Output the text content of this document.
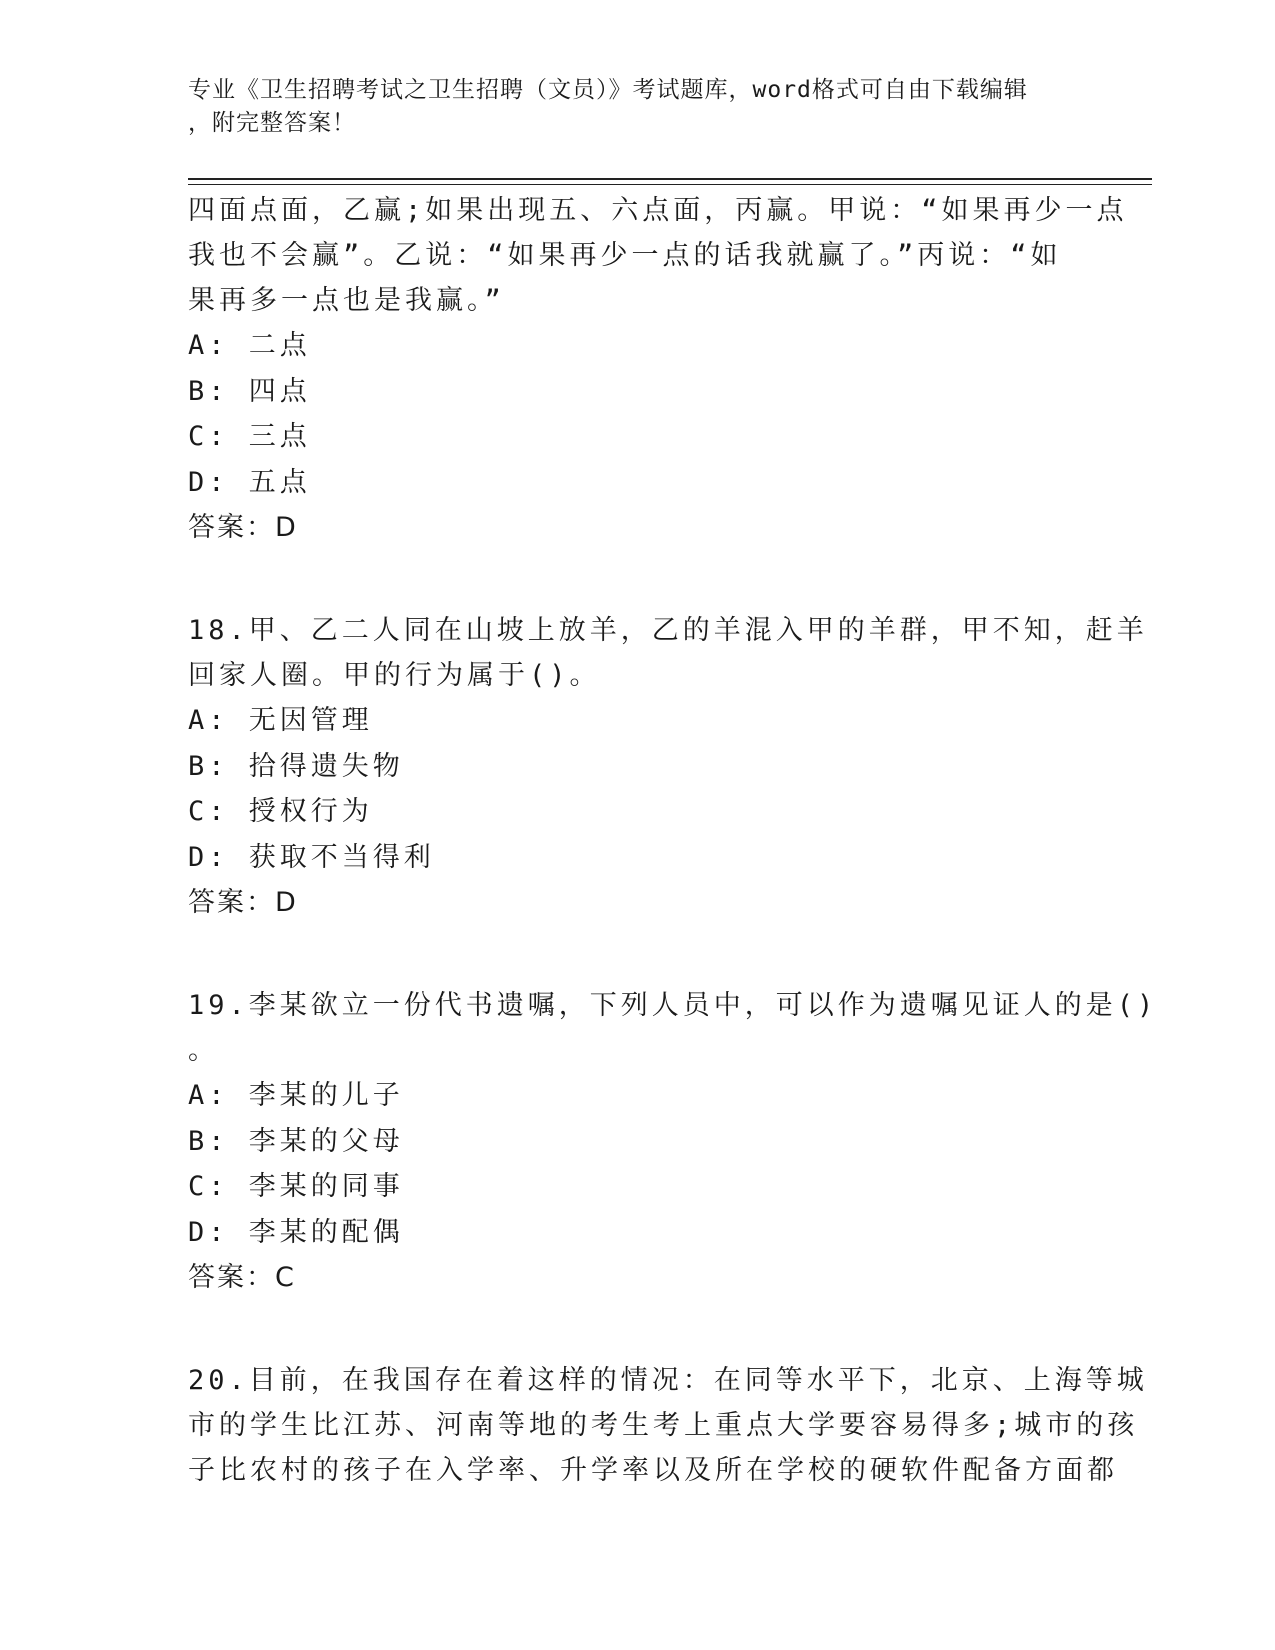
专业《卫生招聘考试之卫生招聘（文员）》考试题库，word格式可自由下载编辑
，附完整答案！
四面点面，乙赢;如果出现五、六点面，丙赢。甲说：“如果再少一点
我也不会赢”。乙说：“如果再少一点的话我就赢了。”丙说：“如
果再多一点也是我赢。”
A: 二点
B: 四点
C: 三点
D: 五点
答案：D
18.甲、乙二人同在山坡上放羊，乙的羊混入甲的羊群，甲不知，赶羊
回家人圈。甲的行为属于()。
A: 无因管理
B: 拾得遗失物
C: 授权行为
D: 获取不当得利
答案：D
19.李某欲立一份代书遗嘱，下列人员中，可以作为遗嘱见证人的是()
。
A: 李某的儿子
B: 李某的父母
C: 李某的同事
D: 李某的配偶
答案：C
20.目前，在我国存在着这样的情况：在同等水平下，北京、上海等城
市的学生比江苏、河南等地的考生考上重点大学要容易得多;城市的孩
子比农村的孩子在入学率、升学率以及所在学校的硬软件配备方面都
